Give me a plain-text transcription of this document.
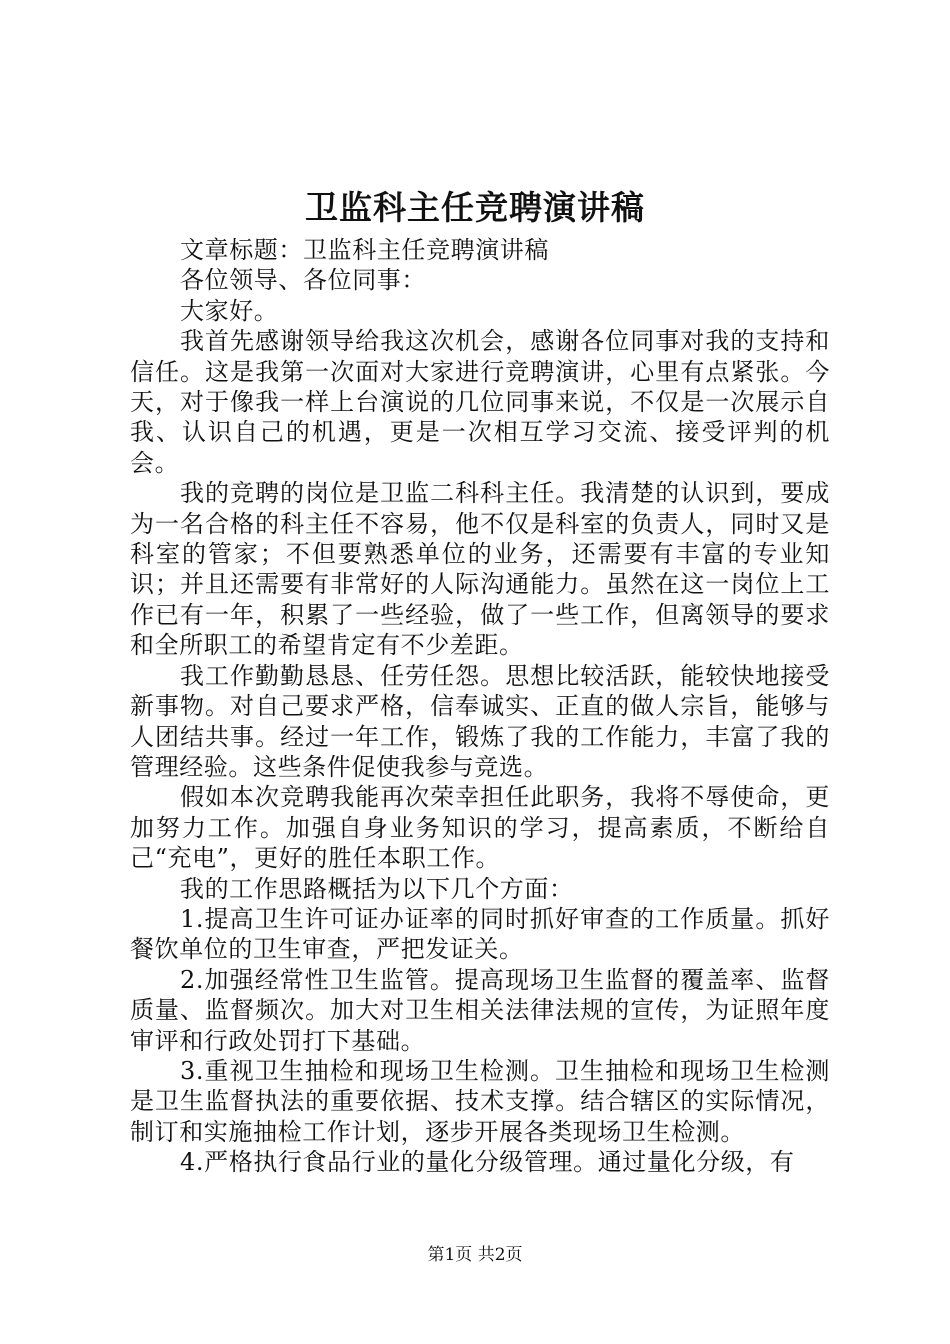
卫监科主任竞聘演讲稿

文章标题：卫监科主任竞聘演讲稿

各位领导、各位同事：

大家好。

我首先感谢领导给我这次机会，感谢各位同事对我的支持和信任。这是我第一次面对大家进行竞聘演讲，心里有点紧张。今天，对于像我一样上台演说的几位同事来说，不仅是一次展示自我、认识自己的机遇，更是一次相互学习交流、接受评判的机会。

我的竞聘的岗位是卫监二科科主任。我清楚的认识到，要成为一名合格的科主任不容易，他不仅是科室的负责人，同时又是科室的管家；不但要熟悉单位的业务，还需要有丰富的专业知识；并且还需要有非常好的人际沟通能力。虽然在这一岗位上工作已有一年，积累了一些经验，做了一些工作，但离领导的要求和全所职工的希望肯定有不少差距。

我工作勤勤恳恳、任劳任怨。思想比较活跃，能较快地接受新事物。对自己要求严格，信奉诚实、正直的做人宗旨，能够与人团结共事。经过一年工作，锻炼了我的工作能力，丰富了我的管理经验。这些条件促使我参与竞选。

假如本次竞聘我能再次荣幸担任此职务，我将不辱使命，更加努力工作。加强自身业务知识的学习，提高素质，不断给自己“充电”，更好的胜任本职工作。

我的工作思路概括为以下几个方面：

1.提高卫生许可证办证率的同时抓好审查的工作质量。抓好餐饮单位的卫生审查，严把发证关。

2.加强经常性卫生监管。提高现场卫生监督的覆盖率、监督质量、监督频次。加大对卫生相关法律法规的宣传，为证照年度审评和行政处罚打下基础。

3.重视卫生抽检和现场卫生检测。卫生抽检和现场卫生检测是卫生监督执法的重要依据、技术支撑。结合辖区的实际情况，制订和实施抽检工作计划，逐步开展各类现场卫生检测。

4.严格执行食品行业的量化分级管理。通过量化分级，有

第1页 共2页
